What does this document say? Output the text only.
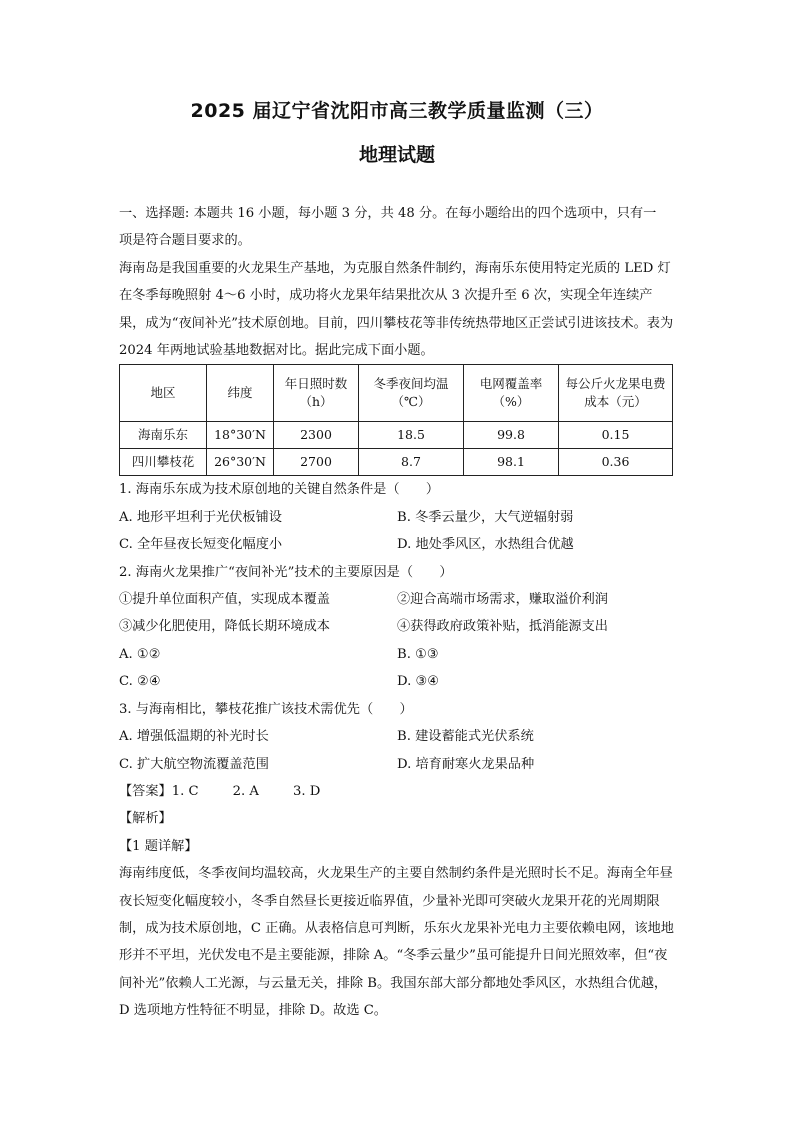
2025 届辽宁省沈阳市高三教学质量监测（三）
地理试题

一、选择题: 本题共 16 小题，每小题 3 分，共 48 分。在每小题给出的四个选项中，只有一

项是符合题目要求的。

海南岛是我国重要的火龙果生产基地，为克服自然条件制约，海南乐东使用特定光质的 LED 灯在冬季每晚照射 4～6 小时，成功将火龙果年结果批次从 3 次提升至 6 次，实现全年连续产果，成为“夜间补光”技术原创地。目前，四川攀枝花等非传统热带地区正尝试引进该技术。表为 2024 年两地试验基地数据对比。据此完成下面小题。

地区	纬度	年日照时数（h）	冬季夜间均温（℃）	电网覆盖率（%）	每公斤火龙果电费成本（元）
海南乐东	18°30′N	2300	18.5	99.8	0.15
四川攀枝花	26°30′N	2700	8.7	98.1	0.36

1. 海南乐东成为技术原创地的关键自然条件是（　　）

A. 地形平坦利于光伏板铺设	B. 冬季云量少，大气逆辐射弱
C. 全年昼夜长短变化幅度小	D. 地处季风区，水热组合优越

2. 海南火龙果推广“夜间补光”技术的主要原因是（　　）

①提升单位面积产值，实现成本覆盖	②迎合高端市场需求，赚取溢价利润
③减少化肥使用，降低长期环境成本	④获得政府政策补贴，抵消能源支出
A. ①②	B. ①③
C. ②④	D. ③④

3. 与海南相比，攀枝花推广该技术需优先（　　）

A. 增强低温期的补光时长	B. 建设蓄能式光伏系统
C. 扩大航空物流覆盖范围	D. 培育耐寒火龙果品种

【答案】1. C	2. A	3. D

【解析】

【1 题详解】

海南纬度低，冬季夜间均温较高，火龙果生产的主要自然制约条件是光照时长不足。海南全年昼夜长短变化幅度较小，冬季自然昼长更接近临界值，少量补光即可突破火龙果开花的光周期限制，成为技术原创地，C 正确。从表格信息可判断，乐东火龙果补光电力主要依赖电网，该地地形并不平坦，光伏发电不是主要能源，排除 A。“冬季云量少”虽可能提升日间光照效率，但“夜间补光”依赖人工光源，与云量无关，排除 B。我国东部大部分都地处季风区，水热组合优越，D 选项地方性特征不明显，排除 D。故选 C。
